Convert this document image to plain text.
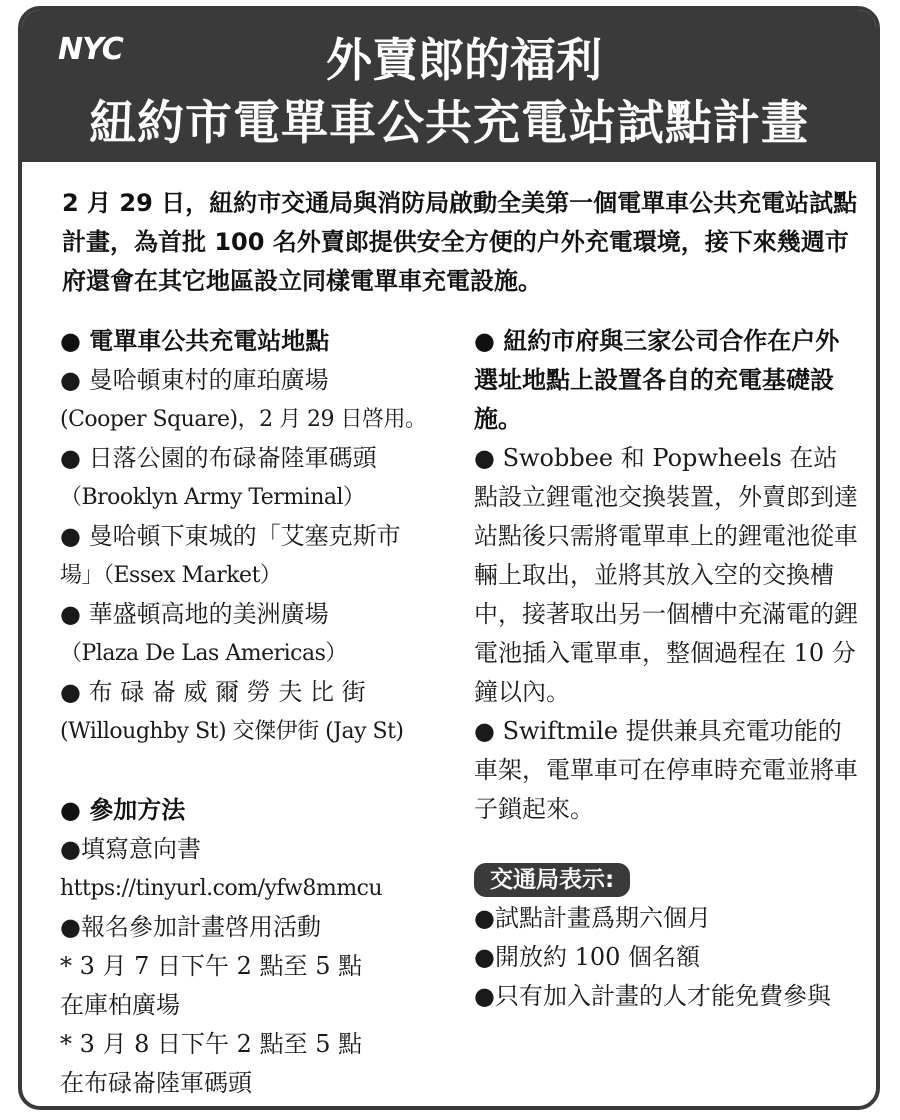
NYC	外賣郎的福利
紐約市電單車公共充電站試點計畫
2 月 29 日，紐約市交通局與消防局啟動全美第一個電單車公共充電站試點計畫，為首批 100 名外賣郎提供安全方便的户外充電環境，接下來幾週市府還會在其它地區設立同樣電單車充電設施。
● 電單車公共充電站地點
● 曼哈頓東村的庫珀廣場
(Cooper Square)，2 月 29 日啓用。
● 日落公園的布碌崙陸軍碼頭
（Brooklyn Army Terminal）
● 曼哈頓下東城的「艾塞克斯市
場」（Essex Market）
● 華盛頓高地的美洲廣場
（Plaza De Las Americas）
● 布 碌 崙 威 爾 勞 夫 比 街
(Willoughby St) 交傑伊街 (Jay St)
● 參加方法
●填寫意向書
https://tinyurl.com/yfw8mmcu
●報名參加計畫啓用活動
* 3 月 7 日下午 2 點至 5 點
在庫柏廣場
* 3 月 8 日下午 2 點至 5 點
在布碌崙陸軍碼頭
● 紐約市府與三家公司合作在户外選址地點上設置各自的充電基礎設施。
● Swobbee 和 Popwheels 在站點設立鋰電池交換裝置，外賣郎到達站點後只需將電單車上的鋰電池從車輛上取出，並將其放入空的交換槽中，接著取出另一個槽中充滿電的鋰電池插入電單車，整個過程在 10 分鐘以內。
● Swiftmile 提供兼具充電功能的車架，電單車可在停車時充電並將車子鎖起來。
交通局表示:
●試點計畫爲期六個月
●開放約 100 個名額
●只有加入計畫的人才能免費參與
